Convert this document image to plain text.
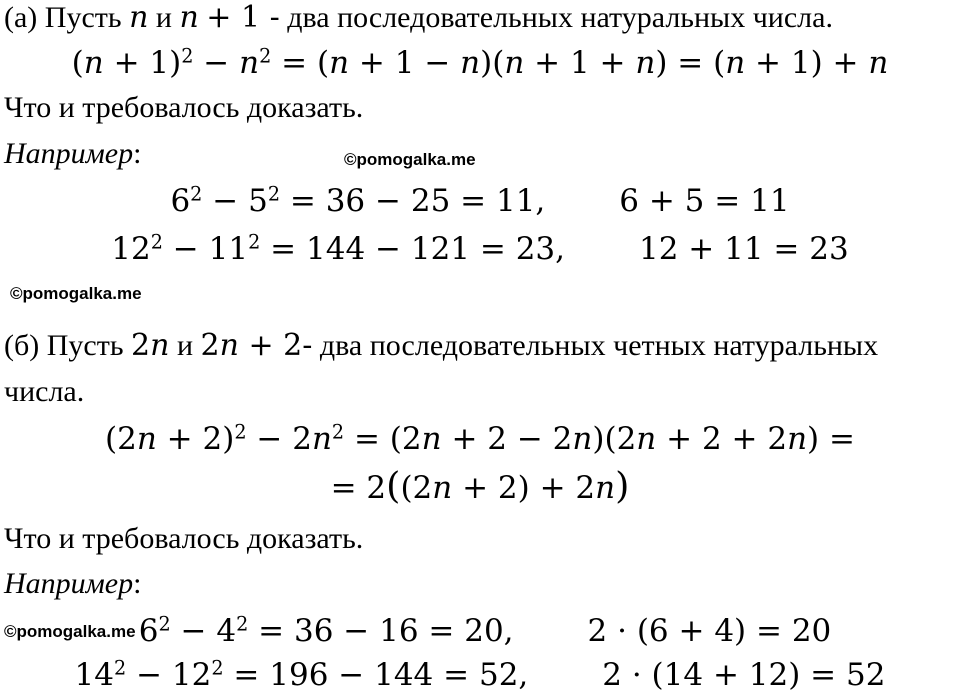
(а) Пусть n и n + 1 - два последовательных натуральных числа.
$(n + 1)^2 - n^2 = (n + 1 - n)(n + 1 + n) = (n + 1) + n$
Что и требовалось доказать.
Например:	©pomogalka.me
$6^2 - 5^2 = 36 - 25 = 11$, 6 + 5 = 11
$12^2 - 11^2 = 144 - 121 = 23$, 12 + 11 = 23
©pomogalka.me
(б) Пусть 2n и 2n + 2- два последовательных четных натуральных
числа.
$(2n + 2)^2 - 2n^2 = (2n + 2 - 2n)(2n + 2 + 2n)$ =
= 2((2n + 2) + 2n)
Что и требовалось доказать.
Например:
©pomogalka.me $6^2 - 4^2 = 36 - 16 = 20$, 2 · (6 + 4) = 20
$14^2 - 12^2 = 196 - 144 = 52$, 2 · (14 + 12) = 52
